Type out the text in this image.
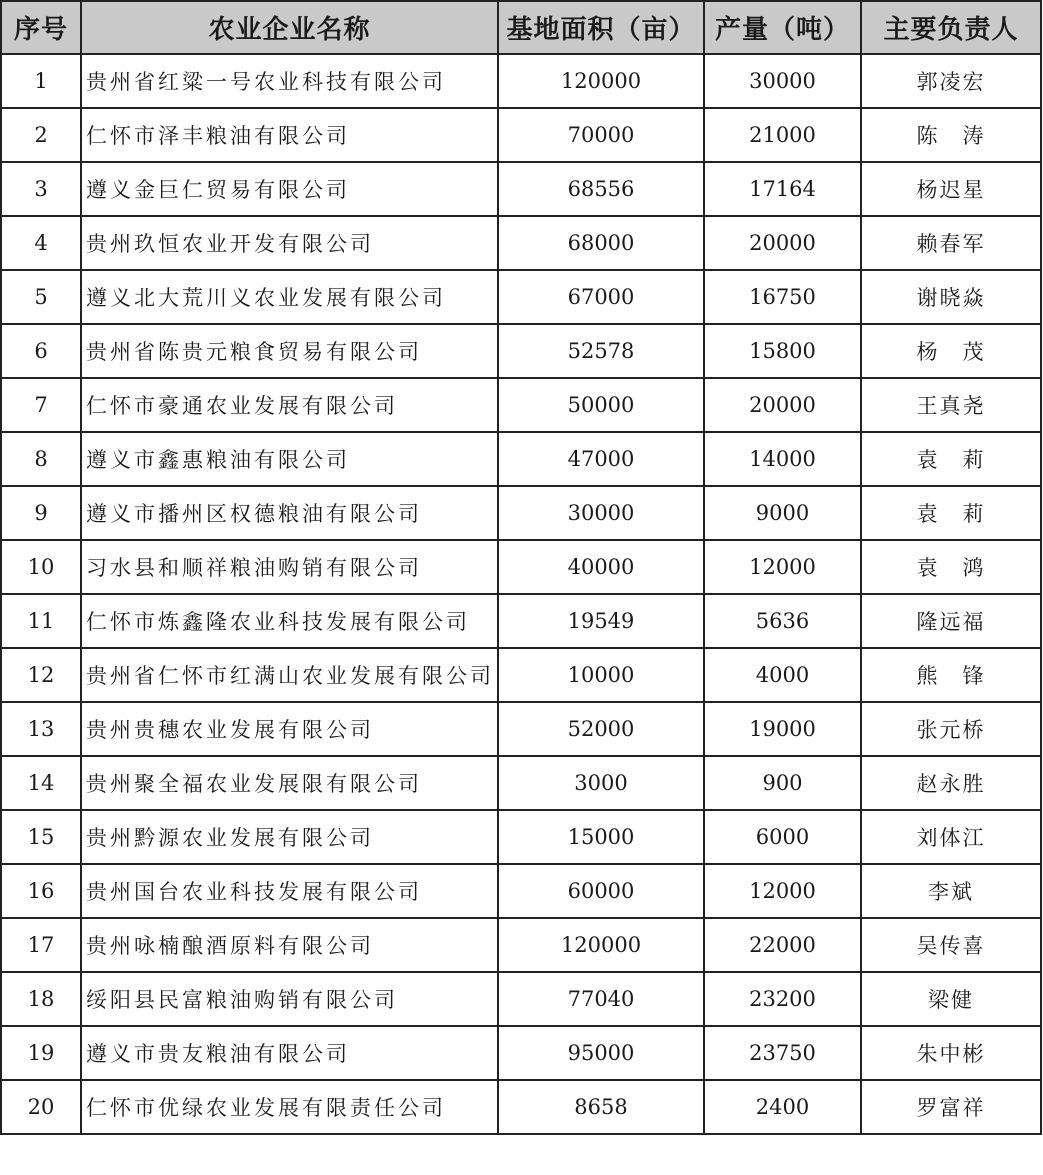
序号	农业企业名称	基地面积（亩）	产量（吨）	主要负责人
1	贵州省红粱一号农业科技有限公司	120000	30000	郭凌宏
2	仁怀市泽丰粮油有限公司	70000	21000	陈　涛
3	遵义金巨仁贸易有限公司	68556	17164	杨迟星
4	贵州玖恒农业开发有限公司	68000	20000	赖春军
5	遵义北大荒川义农业发展有限公司	67000	16750	谢晓焱
6	贵州省陈贵元粮食贸易有限公司	52578	15800	杨　茂
7	仁怀市豪通农业发展有限公司	50000	20000	王真尧
8	遵义市鑫惠粮油有限公司	47000	14000	袁　莉
9	遵义市播州区权德粮油有限公司	30000	9000	袁　莉
10	习水县和顺祥粮油购销有限公司	40000	12000	袁　鸿
11	仁怀市炼鑫隆农业科技发展有限公司	19549	5636	隆远福
12	贵州省仁怀市红满山农业发展有限公司	10000	4000	熊　锋
13	贵州贵穗农业发展有限公司	52000	19000	张元桥
14	贵州聚全福农业发展限有限公司	3000	900	赵永胜
15	贵州黔源农业发展有限公司	15000	6000	刘体江
16	贵州国台农业科技发展有限公司	60000	12000	李斌
17	贵州咏楠酿酒原料有限公司	120000	22000	吴传喜
18	绥阳县民富粮油购销有限公司	77040	23200	梁健
19	遵义市贵友粮油有限公司	95000	23750	朱中彬
20	仁怀市优绿农业发展有限责任公司	8658	2400	罗富祥
